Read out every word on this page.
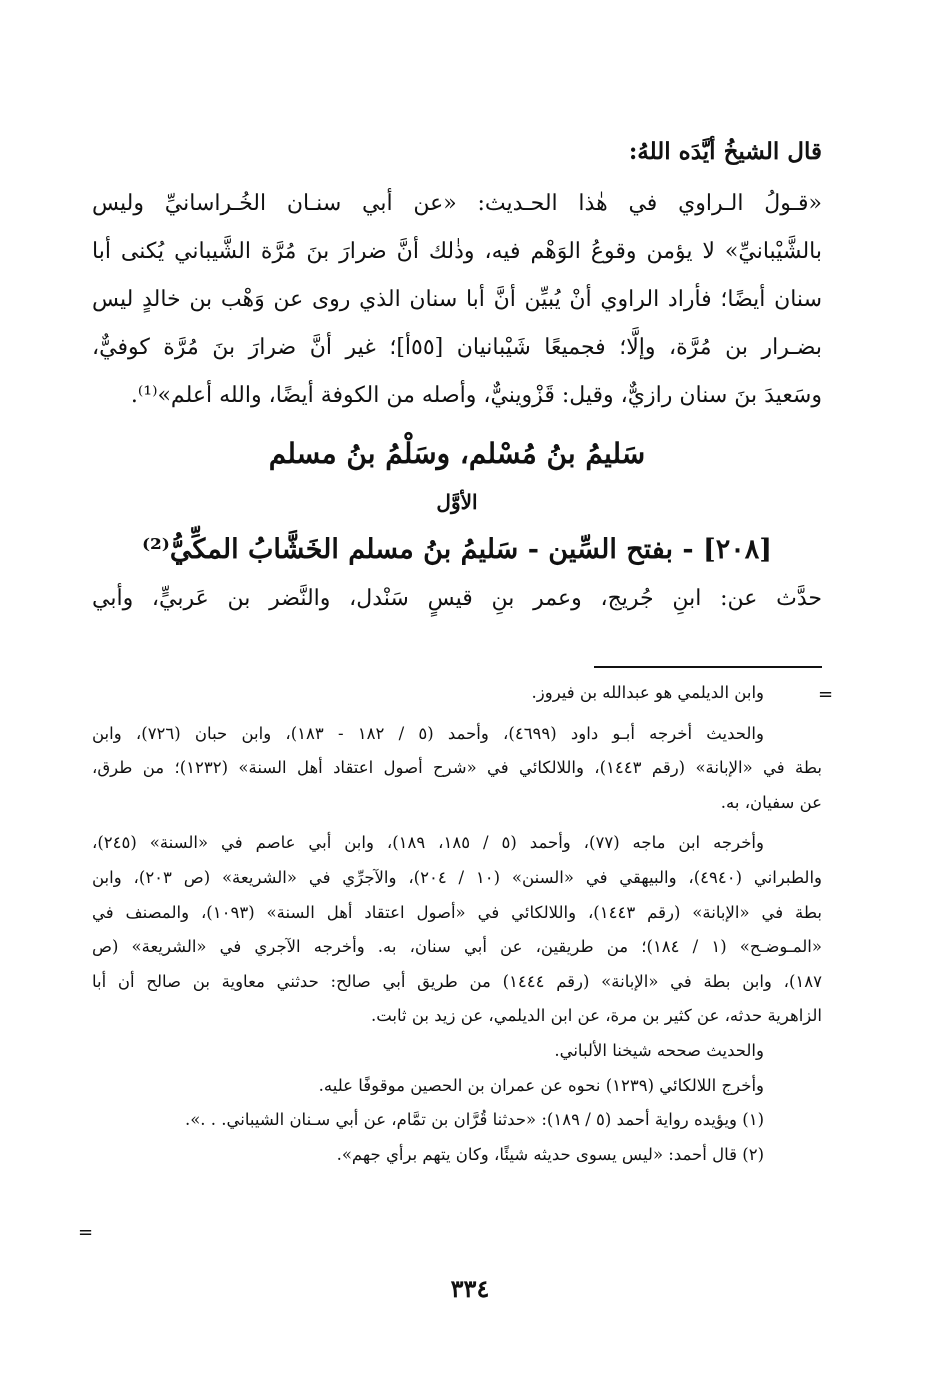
قال الشيخُ أيَّدَه اللهُ:

«قـولُ الـراوي في هٰذا الحـديث: «عن أبي سنـان الخُـراسانيِّ وليس
بالشَّيْبانيِّ» لا يؤمن وقوعُ الوَهْم فيه، وذٰلك أنَّ ضرارَ بنَ مُرَّة الشَّيباني يُكنى أبا
سنان أيضًا؛ فأراد الراوي أنْ يُبيِّن أنَّ أبا سنان الذي روى عن وَهْب بن خالدٍ ليس
بضـرار بن مُرَّة، وإلَّا؛ فجميعًا شَيْبانيان [٥٥أ]؛ غير أنَّ ضرارَ بنَ مُرَّة كوفيٌّ،
وسَعيدَ بنَ سنان رازيٌّ، وقيل: قَزْوينيٌّ، وأصله من الكوفة أيضًا، والله أعلم»⁽¹⁾.

سَليمُ بنُ مُسْلم، وسَلْمُ بنُ مسلم
الأوَّل
[٢٠٨] - بفتح السِّين - سَليمُ بنُ مسلم الخَشَّابُ المكِّيُّ⁽²⁾

حدَّث عن: ابنِ جُريج، وعمر بنِ قيسٍ سَنْدل، والنَّضر بن عَربيٍّ، وأبي

=

وابن الديلمي هو عبدالله بن فيروز.

والحديث أخرجه أبـو داود (٤٦٩٩)، وأحمد (٥ / ١٨٢ - ١٨٣)، وابن حبان (٧٢٦)، وابن
بطة في «الإبانة» (رقم ١٤٤٣)، واللالكائي في «شرح أصول اعتقاد أهل السنة» (١٢٣٢)؛ من طرق،
عن سفيان، به.

وأخرجه ابن ماجه (٧٧)، وأحمد (٥ / ١٨٥، ١٨٩)، وابن أبي عاصم في «السنة» (٢٤٥)،
والطبراني (٤٩٤٠)، والبيهقي في «السنن» (١٠ / ٢٠٤)، والآجرِّي في «الشريعة» (ص ٢٠٣)، وابن
بطة في «الإبانة» (رقم ١٤٤٣)، واللالكائي في «أصول اعتقاد أهل السنة» (١٠٩٣)، والمصنف في
«المـوضـح» (١ / ١٨٤)؛ من طريقين، عن أبي سنان، به. وأخرجه الآجري في «الشريعة» (ص
١٨٧)، وابن بطة في «الإبانة» (رقم ١٤٤٤) من طريق أبي صالح: حدثني معاوية بن صالح أن أبا
الزاهرية حدثه، عن كثير بن مرة، عن ابن الديلمي، عن زيد بن ثابت.

والحديث صححه شيخنا الألباني.

وأخرج اللالكائي (١٢٣٩) نحوه عن عمران بن الحصين موقوفًا عليه.

(١) ويؤيده رواية أحمد (٥ / ١٨٩): «حدثنا قُرَّان بن تمَّام، عن أبي سـنان الشيباني. . .».

(٢) قال أحمد: «ليس يسوى حديثه شيئًا، وكان يتهم برأي جهم».

=
٣٣٤
